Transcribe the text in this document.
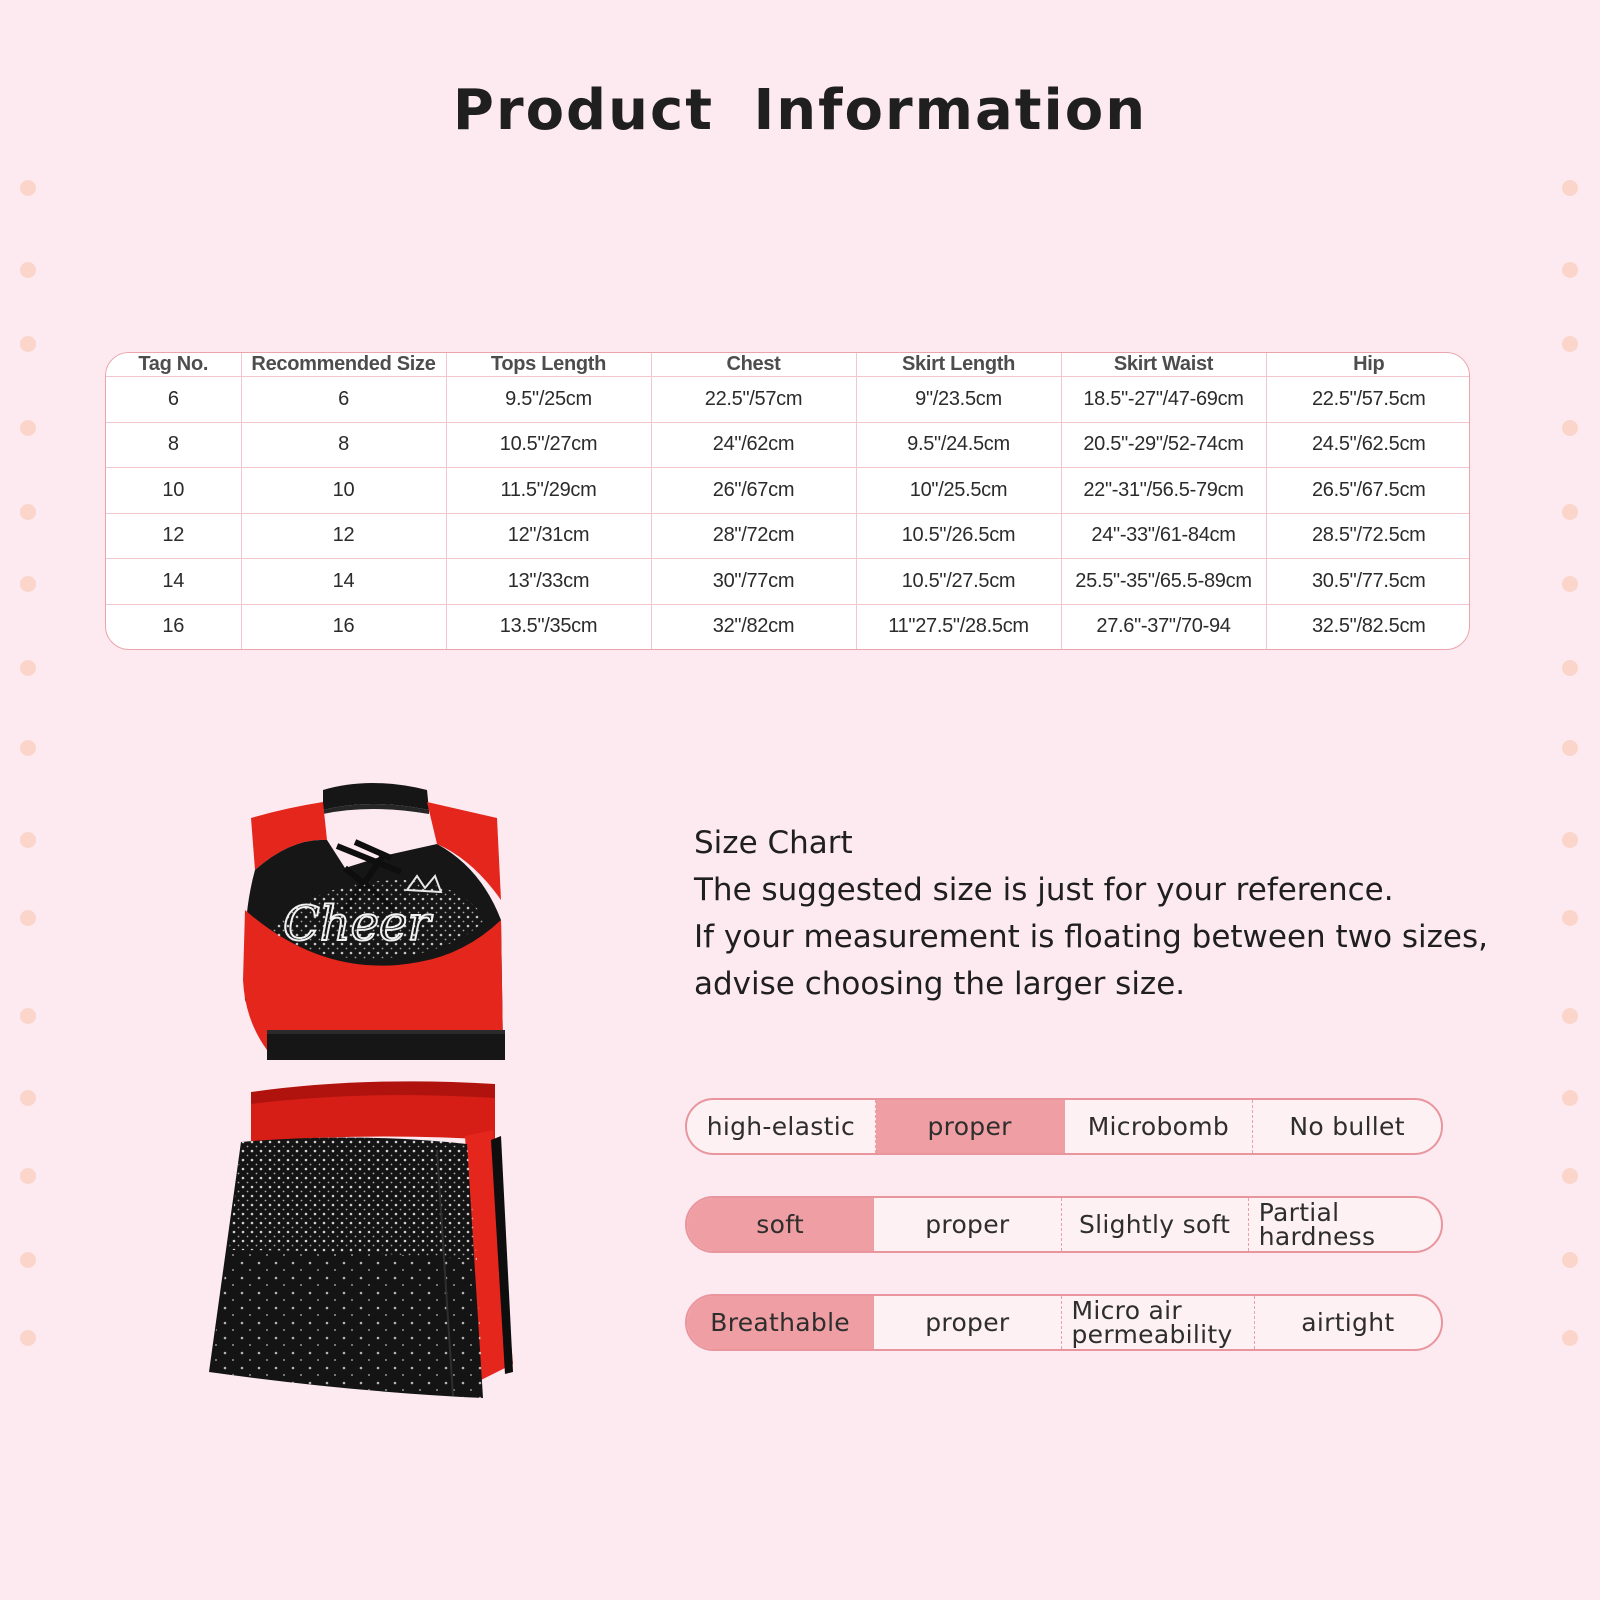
Product Information
Tag No.	Recommended Size	Tops Length	Chest	Skirt Length	Skirt Waist	Hip
6	6	9.5"/25cm	22.5"/57cm	9"/23.5cm	18.5"-27"/47-69cm	22.5"/57.5cm
8	8	10.5"/27cm	24"/62cm	9.5"/24.5cm	20.5"-29"/52-74cm	24.5"/62.5cm
10	10	11.5"/29cm	26"/67cm	10"/25.5cm	22"-31"/56.5-79cm	26.5"/67.5cm
12	12	12"/31cm	28"/72cm	10.5"/26.5cm	24"-33"/61-84cm	28.5"/72.5cm
14	14	13"/33cm	30"/77cm	10.5"/27.5cm	25.5"-35"/65.5-89cm	30.5"/77.5cm
16	16	13.5"/35cm	32"/82cm	11"27.5"/28.5cm	27.6"-37"/70-94	32.5"/82.5cm
Cheer

Size Chart

The suggested size is just for your reference.

If your measurement is floating between two sizes,

advise choosing the larger size.

high-elastic	proper	Microbomb	No bullet
soft	proper	Slightly soft	Partial hardness
Breathable	proper	Micro air permeability	airtight
